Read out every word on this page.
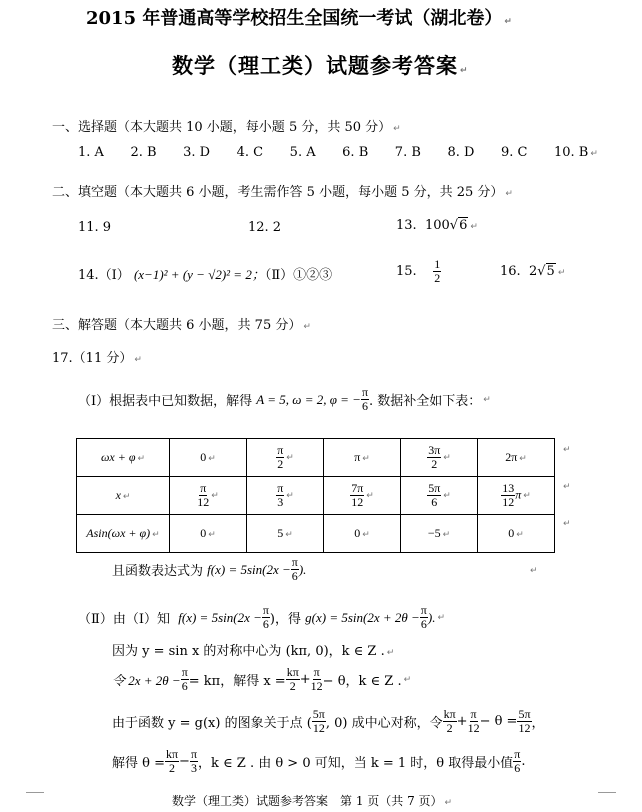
2015 年普通高等学校招生全国统一考试（湖北卷） ↵
数学（理工类）试题参考答案 ↵
一、选择题（本大题共 10 小题，每小题 5 分，共 50 分） ↵
1. A 2. B 3. D 4. C 5. A 6. B 7. B 8. D 9. C 10. B ↵
二、填空题（本大题共 6 小题，考生需作答 5 小题，每小题 5 分，共 25 分） ↵
11. 9	12. 2	13. 100√6 ↵
14.（Ⅰ） (x−1)² + (y − √2)² = 2；（Ⅱ）①②③	15.
$\frac{1}{2}$	16. 2√5 ↵
三、解答题（本大题共 6 小题，共 75 分） ↵
17.（11 分） ↵
（Ⅰ）根据表中已知数据，解得
A = 5, ω = 2, φ = − $\frac{\pi}{6}$ . 数据补全如下表： ↵
ωx + φ ↵	0 ↵	$\frac{\pi}{2}$ ↵	π ↵	$\frac{3\pi}{2}$ ↵	2π ↵
x ↵	$\frac{\pi}{12}$ ↵	$\frac{\pi}{3}$ ↵	$\frac{7\pi}{12}$ ↵	$\frac{5\pi}{6}$ ↵	$\frac{13}{12}$ π ↵
Asin(ωx + φ) ↵	0 ↵	5 ↵	0 ↵	−5 ↵	0 ↵
↵
↵
↵
且函数表达式为
$f(x) = 5\sin(2x - \frac{\pi}{6}$ ).	↵
（Ⅱ）由（Ⅰ）知
$f(x) = 5\sin(2x - \frac{\pi}{6}$ )，得
$g(x) = 5\sin(2x + 2\theta - \frac{\pi}{6}$ ). ↵
因为 y = sin x 的对称中心为 (kπ, 0)，k ∈ Z . ↵
令 $2x + 2\theta - \frac{\pi}{6} = k\pi$，解得 $x = \frac{k\pi}{2} + \frac{\pi}{12} - \theta$，k ∈ Z . ↵
由于函数 y = g(x) 的图象关于点 ( $\frac{5\pi}{12}$ , 0) 成中心对称，令 $\frac{k\pi}{2} + \frac{\pi}{12} - \theta = \frac{5\pi}{12}$ ，
解得 $\theta = \frac{k\pi}{2} - \frac{\pi}{3}$ ，k ∈ Z . 由 θ > 0 可知，当 k = 1 时，θ 取得最小值 $\frac{\pi}{6}$ .
数学（理工类）试题参考答案　第 1 页（共 7 页） ↵
